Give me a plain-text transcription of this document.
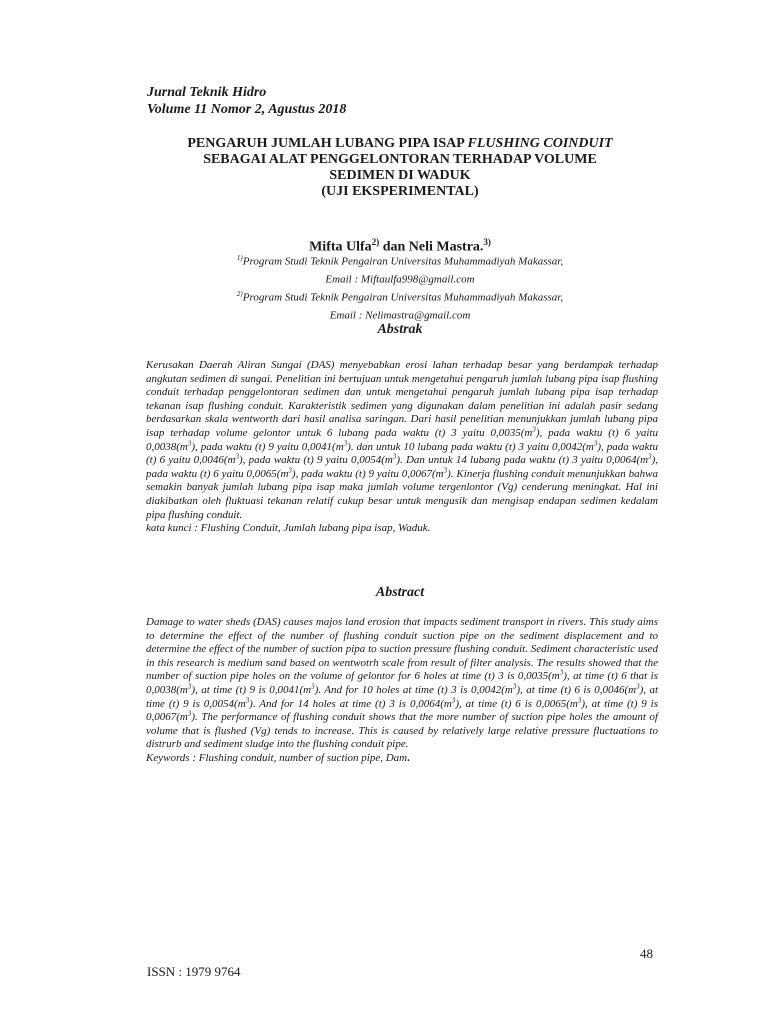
Jurnal Teknik Hidro
Volume 11 Nomor 2, Agustus 2018
PENGARUH JUMLAH LUBANG PIPA ISAP FLUSHING COINDUIT
SEBAGAI ALAT PENGGELONTORAN TERHADAP VOLUME
SEDIMEN DI WADUK
(UJI EKSPERIMENTAL)
Mifta Ulfa$^{2)}$ dan Neli Mastra.$^{3)}$
$^{1)}$Program Studi Teknik Pengairan Universitas Muhammadiyah Makassar,
Email : Miftaulfa998@gmail.com
$^{2)}$Program Studi Teknik Pengairan Universitas Muhammadiyah Makassar,
Email : Nelimastra@gmail.com
Abstrak

Kerusakan Daerah Aliran Sungai (DAS) menyebabkan erosi lahan terhadap besar yang berdampak terhadap angkutan sedimen di sungai. Penelitian ini bertujuan untuk mengetahui pengaruh jumlah lubang pipa isap flushing conduit terhadap penggelontoran sedimen dan untuk mengetahui pengaruh jumlah lubang pipa isap terhadap tekanan isap flushing conduit. Karakteristik sedimen yang digunakan dalam penelitian ini adalah pasir sedang berdasarkan skala wentworth dari hasil analisa saringan. Dari hasil penelitian menunjukkan jumlah lubang pipa isap terhadap volume gelontor untuk 6 lubang pada waktu (t) 3 yaitu $0,0035(m^3)$, pada waktu (t) 6 yaitu $0,0038(m^3)$, pada waktu (t) 9 yaitu $0,0041(m^3)$. dan untuk 10 lubang pada waktu (t) 3 yaitu $0,0042(m^3)$, pada waktu (t) 6 yaitu $0,0046(m^3)$, pada waktu (t) 9 yaitu $0,0054(m^3)$. Dan untuk 14 lubang pada waktu (t) 3 yaitu $0,0064(m^3)$, pada waktu (t) 6 yaitu $0,0065(m^3)$, pada waktu (t) 9 yaitu $0,0067(m^3)$. Kinerja flushing conduit menunjukkan bahwa semakin banyak jumlah lubang pipa isap maka jumlah volume tergenlontor (Vg) cenderung meningkat. Hal ini diakibatkan oleh fluktuasi tekanan relatif cukup besar untuk mengusik dan mengisap endapan sedimen kedalam pipa flushing conduit.

kata kunci : Flushing Conduit, Jumlah lubang pipa isap, Waduk.

Abstract

Damage to water sheds (DAS) causes majos land erosion that impacts sediment transport in rivers. This study aims to determine the effect of the number of flushing conduit suction pipe on the sediment displacement and to determine the effect of the number of suction pipa to suction pressure flushing conduit. Sediment characteristic used in this research is medium sand based on wentwotrh scale from result of filter analysis. The results showed that the number of suction pipe holes on the volume of gelontor for 6 holes at time (t) 3 is $0,0035(m^3)$, at time (t) 6 that is $0,0038(m^3)$, at time (t) 9 is $0,0041(m^3)$. And for 10 holes at time (t) 3 is $0,0042(m^3)$, at time (t) 6 is $0,0046(m^3)$, at time (t) 9 is $0,0054(m^3)$. And for 14 holes at time (t) 3 is $0,0064(m^3)$, at time (t) 6 is $0,0065(m^3)$, at time (t) 9 is $0,0067(m^3)$. The performance of flushing conduit shows that the more number of suction pipe holes the amount of volume that is flushed (Vg) tends to increase. This is caused by relatively large relative pressure fluctuations to distrurb and sediment sludge into the flushing conduit pipe.

Keywords : Flushing conduit, number of suction pipe, Dam.

48
ISSN : 1979 9764
